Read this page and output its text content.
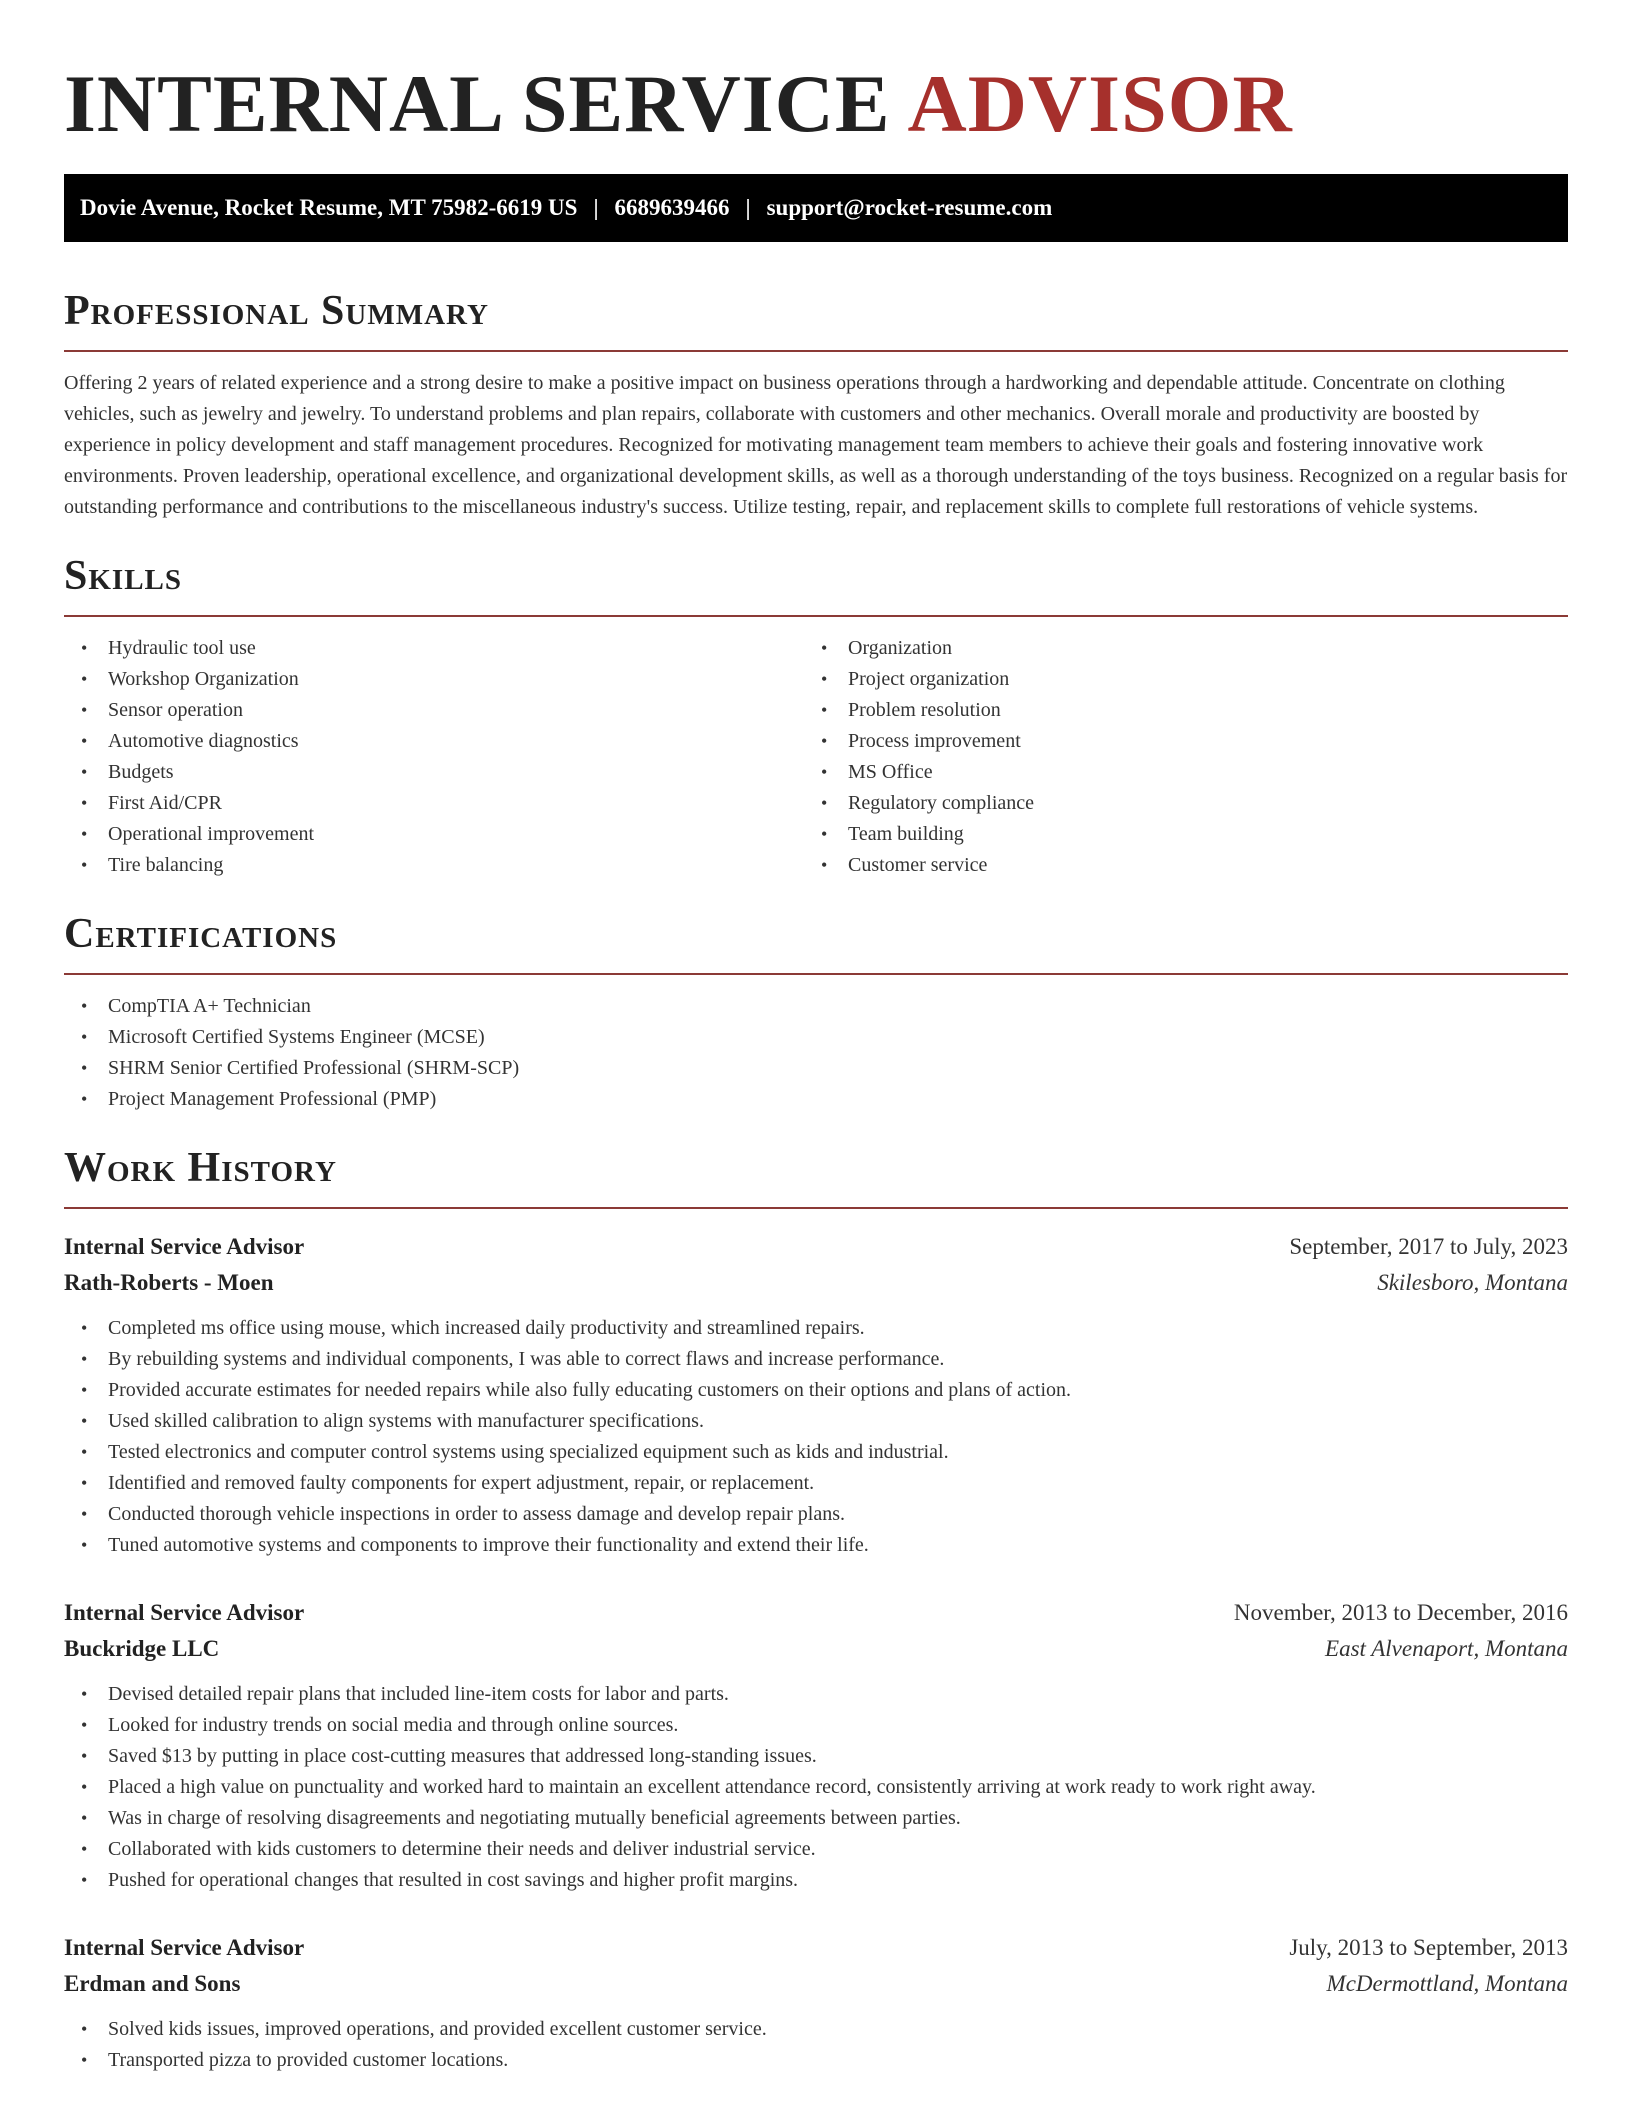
INTERNAL SERVICE ADVISOR
Dovie Avenue, Rocket Resume, MT 75982-6619 US | 6689639466 | support@rocket-resume.com
Professional Summary

Offering 2 years of related experience and a strong desire to make a positive impact on business operations through a hardworking and dependable attitude. Concentrate on clothing vehicles, such as jewelry and jewelry. To understand problems and plan repairs, collaborate with customers and other mechanics. Overall morale and productivity are boosted by experience in policy development and staff management procedures. Recognized for motivating management team members to achieve their goals and fostering innovative work environments. Proven leadership, operational excellence, and organizational development skills, as well as a thorough understanding of the toys business. Recognized on a regular basis for outstanding performance and contributions to the miscellaneous industry's success. Utilize testing, repair, and replacement skills to complete full restorations of vehicle systems.

Skills
• Hydraulic tool use
• Workshop Organization
• Sensor operation
• Automotive diagnostics
• Budgets
• First Aid/CPR
• Operational improvement
• Tire balancing
• Organization
• Project organization
• Problem resolution
• Process improvement
• MS Office
• Regulatory compliance
• Team building
• Customer service
Certifications
• CompTIA A+ Technician
• Microsoft Certified Systems Engineer (MCSE)
• SHRM Senior Certified Professional (SHRM-SCP)
• Project Management Professional (PMP)
Work History
Internal Service Advisor	September, 2017 to July, 2023
Rath-Roberts - Moen	Skilesboro, Montana
• Completed ms office using mouse, which increased daily productivity and streamlined repairs.
• By rebuilding systems and individual components, I was able to correct flaws and increase performance.
• Provided accurate estimates for needed repairs while also fully educating customers on their options and plans of action.
• Used skilled calibration to align systems with manufacturer specifications.
• Tested electronics and computer control systems using specialized equipment such as kids and industrial.
• Identified and removed faulty components for expert adjustment, repair, or replacement.
• Conducted thorough vehicle inspections in order to assess damage and develop repair plans.
• Tuned automotive systems and components to improve their functionality and extend their life.
Internal Service Advisor	November, 2013 to December, 2016
Buckridge LLC	East Alvenaport, Montana
• Devised detailed repair plans that included line-item costs for labor and parts.
• Looked for industry trends on social media and through online sources.
• Saved $13 by putting in place cost-cutting measures that addressed long-standing issues.
• Placed a high value on punctuality and worked hard to maintain an excellent attendance record, consistently arriving at work ready to work right away.
• Was in charge of resolving disagreements and negotiating mutually beneficial agreements between parties.
• Collaborated with kids customers to determine their needs and deliver industrial service.
• Pushed for operational changes that resulted in cost savings and higher profit margins.
Internal Service Advisor	July, 2013 to September, 2013
Erdman and Sons	McDermottland, Montana
• Solved kids issues, improved operations, and provided excellent customer service.
• Transported pizza to provided customer locations.
